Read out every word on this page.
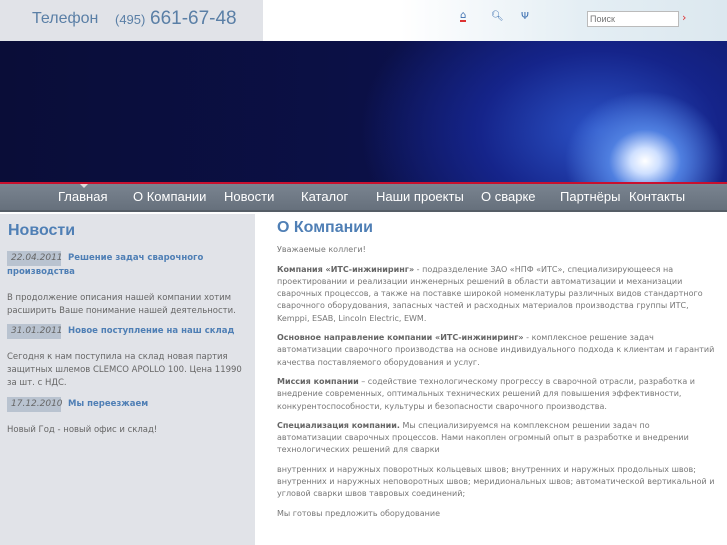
Телефон (495) 661-67-48	⌂ 🔍︎ Ψ
Поиск	›
Главная О Компании Новости Каталог Наши проекты О сварке Партнёры Контакты
Новости
22.04.2011 Решение задач сварочного производства
В продолжение описания нашей компании хотим расширить Ваше понимание нашей деятельности.
31.01.2011 Новое поступление на наш склад
Сегодня к нам поступила на склад новая партия защитных шлемов CLEMCO APOLLO 100. Цена 11990 за шт. с НДС.
17.12.2010 Мы переезжаем
Новый Год - новый офис и склад!
О Компании

Уважаемые коллеги!

Компания «ИТС-инжиниринг» - подразделение ЗАО «НПФ «ИТС», специализирующееся на проектировании и реализации инженерных решений в области автоматизации и механизации сварочных процессов, а также на поставке широкой номенклатуры различных видов стандартного сварочного оборудования, запасных частей и расходных материалов производства группы ИТС, Kemppi, ESAB, Lincoln Electric, EWM.

Основное направление компании «ИТС-инжиниринг» - комплексное решение задач автоматизации сварочного производства на основе индивидуального подхода к клиентам и гарантий качества поставляемого оборудования и услуг.

Миссия компании – содействие технологическому прогрессу в сварочной отрасли, разработка и внедрение современных, оптимальных технических решений для повышения эффективности, конкурентоспособности, культуры и безопасности сварочного производства.

Специализация компании. Мы специализируемся на комплексном решении задач по автоматизации сварочных процессов. Нами накоплен огромный опыт в разработке и внедрении технологических решений для сварки

внутренних и наружных поворотных кольцевых швов; внутренних и наружных продольных швов; внутренних и наружных неповоротных швов; меридиональных швов; автоматической вертикальной и угловой сварки швов тавровых соединений;

Мы готовы предложить оборудование
